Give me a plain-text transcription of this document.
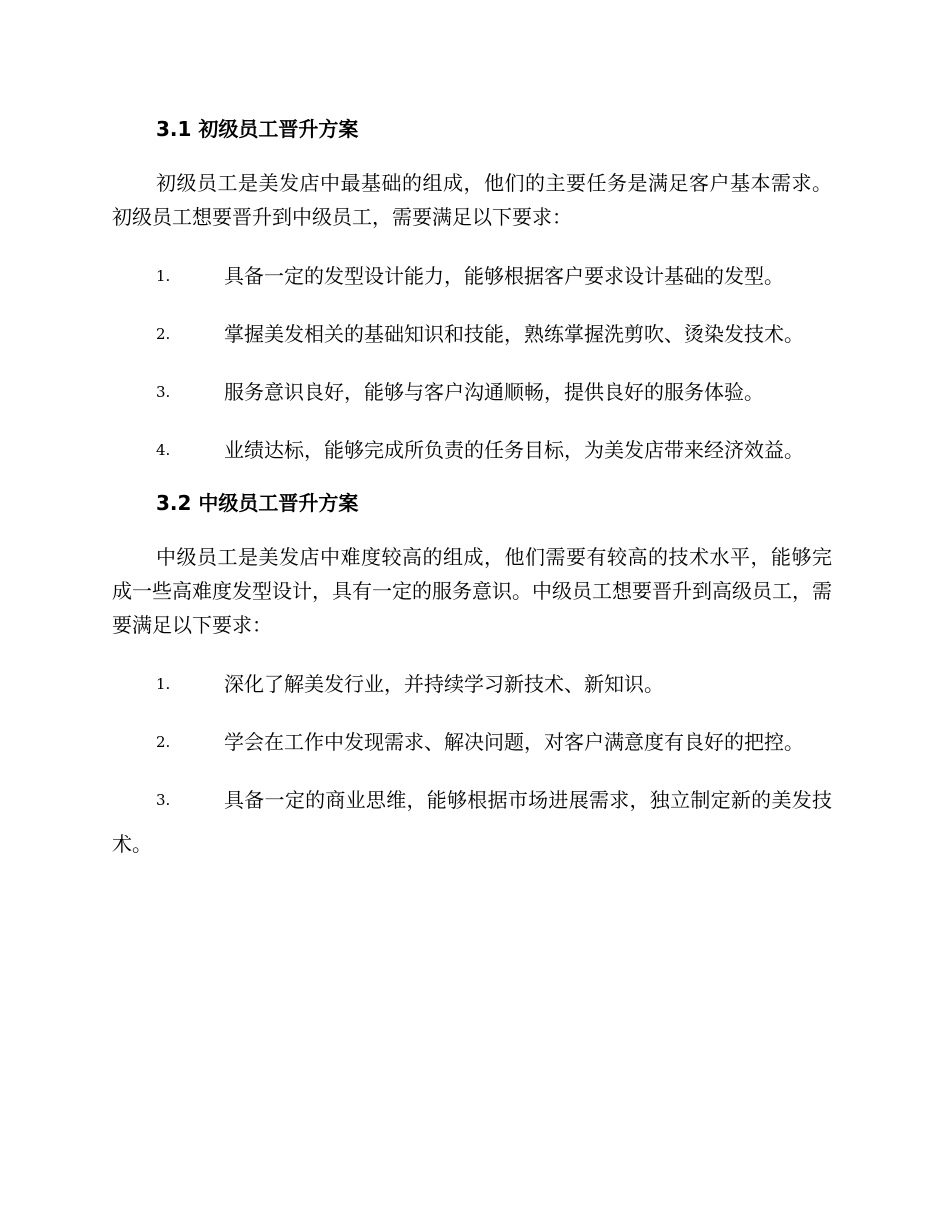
3.1 初级员工晋升方案

初级员工是美发店中最基础的组成，他们的主要任务是满足客户基本需求。初级员工想要晋升到中级员工，需要满足以下要求：

1.	具备一定的发型设计能力，能够根据客户要求设计基础的发型。

2.	掌握美发相关的基础知识和技能，熟练掌握洗剪吹、烫染发技术。

3.	服务意识良好，能够与客户沟通顺畅，提供良好的服务体验。

4.	业绩达标，能够完成所负责的任务目标，为美发店带来经济效益。

3.2 中级员工晋升方案

中级员工是美发店中难度较高的组成，他们需要有较高的技术水平，能够完成一些高难度发型设计，具有一定的服务意识。中级员工想要晋升到高级员工，需要满足以下要求：

1.	深化了解美发行业，并持续学习新技术、新知识。

2.	学会在工作中发现需求、解决问题，对客户满意度有良好的把控。

3.	具备一定的商业思维，能够根据市场进展需求，独立制定新的美发技术。
